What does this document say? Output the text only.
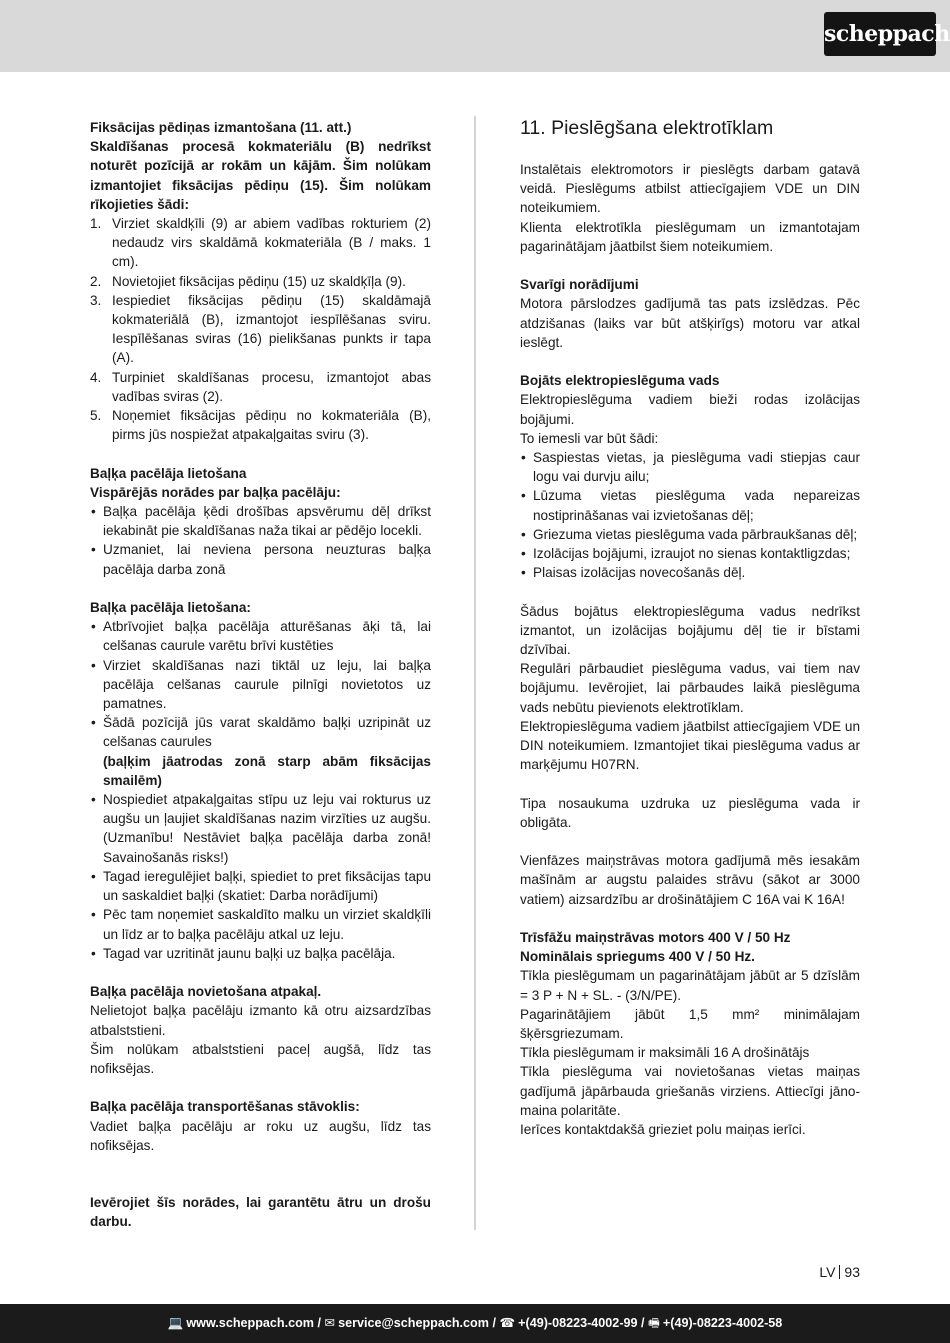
scheppach

Fiksācijas pēdiņas izmantošana (11. att.)

Skaldīšanas procesā kokmateriālu (B) nedrīkst noturēt pozīcijā ar rokām un kājām. Šim nolūkam izmantojiet fiksācijas pēdiņu (15). Šim nolūkam rīkojieties šādi:

1. Virziet skaldķīli (9) ar abiem vadības rokturiem (2) nedaudz virs skaldāmā kokmateriāla (B / maks. 1 cm).
2. Novietojiet fiksācijas pēdiņu (15) uz skaldķīļa (9).
3. Iespiediet fiksācijas pēdiņu (15) skaldāmajā kokmateriālā (B), izmantojot iespīlēšanas sviru. Iespīlēšanas sviras (16) pielikšanas punkts ir tapa (A).
4. Turpiniet skaldīšanas procesu, izmantojot abas vadības sviras (2).
5. Noņemiet fiksācijas pēdiņu no kokmateriāla (B), pirms jūs nospiežat atpakaļgaitas sviru (3).

Baļķa pacēlāja lietošana

Vispārējās norādes par baļķa pacēlāju:

• Baļķa pacēlāja ķēdi drošības apsvērumu dēļ drīkst iekabināt pie skaldīšanas naža tikai ar pēdējo locekli.
• Uzmaniet, lai neviena persona neuzturas baļķa pacēlāja darba zonā

Baļķa pacēlāja lietošana:

• Atbrīvojiet baļķa pacēlāja atturēšanas āķi tā, lai celšanas caurule varētu brīvi kustēties
• Virziet skaldīšanas nazi tiktāl uz leju, lai baļķa pacēlāja celšanas caurule pilnīgi novietotos uz pamatnes.
• Šādā pozīcijā jūs varat skaldāmo baļķi uzripināt uz celšanas caurules
(baļķim jāatrodas zonā starp abām fiksācijas smailēm)
• Nospiediet atpakaļgaitas stīpu uz leju vai rokturus uz augšu un ļaujiet skaldīšanas nazim virzīties uz augšu. (Uzmanību! Nestāviet baļķa pacēlāja darba zonā! Savainošanās risks!)
• Tagad ieregulējiet baļķi, spiediet to pret fiksācijas tapu un saskaldiet baļķi (skatiet: Darba norādījumi)
• Pēc tam noņemiet saskaldīto malku un virziet skaldķīli un līdz ar to baļķa pacēlāju atkal uz leju.
• Tagad var uzritināt jaunu baļķi uz baļķa pacēlāja.

Baļķa pacēlāja novietošana atpakaļ.

Nelietojot baļķa pacēlāju izmanto kā otru aizsardzības atbalststieni.

Šim nolūkam atbalststieni paceļ augšā, līdz tas nofiksējas.

Baļķa pacēlāja transportēšanas stāvoklis:

Vadiet baļķa pacēlāju ar roku uz augšu, līdz tas nofiksējas.

Ievērojiet šīs norādes, lai garantētu ātru un drošu darbu.

11. Pieslēgšana elektrotīklam

Instalētais elektromotors ir pieslēgts darbam gatavā veidā. Pieslēgums atbilst attiecīgajiem VDE un DIN noteikumiem.

Klienta elektrotīkla pieslēgumam un izmantotajam pagarinātājam jāatbilst šiem noteikumiem.

Svarīgi norādījumi

Motora pārslodzes gadījumā tas pats izslēdzas. Pēc atdzišanas (laiks var būt atšķirīgs) motoru var atkal ieslēgt.

Bojāts elektropieslēguma vads

Elektropieslēguma vadiem bieži rodas izolācijas bojājumi.

To iemesli var būt šādi:

• Saspiestas vietas, ja pieslēguma vadi stiepjas caur logu vai durvju ailu;
• Lūzuma vietas pieslēguma vada nepareizas nostiprināšanas vai izvietošanas dēļ;
• Griezuma vietas pieslēguma vada pārbraukšanas dēļ;
• Izolācijas bojājumi, izraujot no sienas kontaktligzdas;
• Plaisas izolācijas novecošanās dēļ.

Šādus bojātus elektropieslēguma vadus nedrīkst izmantot, un izolācijas bojājumu dēļ tie ir bīstami dzīvībai.

Regulāri pārbaudiet pieslēguma vadus, vai tiem nav bojājumu. Ievērojiet, lai pārbaudes laikā pieslēguma vads nebūtu pievienots elektrotīklam.

Elektropieslēguma vadiem jāatbilst attiecīgajiem VDE un DIN noteikumiem. Izmantojiet tikai pieslēguma vadus ar marķējumu H07RN.

Tipa nosaukuma uzdruka uz pieslēguma vada ir obligāta.

Vienfāzes maiņstrāvas motora gadījumā mēs iesakām mašīnām ar augstu palaides strāvu (sākot ar 3000 vatiem) aizsardzību ar drošinātājiem C 16A vai K 16A!

Trīsfāžu maiņstrāvas motors 400 V / 50 Hz

Nominālais spriegums 400 V / 50 Hz.

Tīkla pieslēgumam un pagarinātājam jābūt ar 5 dzīslām = 3 P + N + SL. - (3/N/PE).

Pagarinātājiem jābūt 1,5 mm² minimālajam šķērsgriezumam.

Tīkla pieslēgumam ir maksimāli 16 A drošinātājs

Tīkla pieslēguma vai novietošanas vietas maiņas gadījumā jāpārbauda griešanās virziens. Attiecīgi jānomaina polaritāte.

Ierīces kontaktdakšā grieziet polu maiņas ierīci.

LV 93
💻 www.scheppach.com / ✉ service@scheppach.com / ☎ +(49)-08223-4002-99 / 🖷 +(49)-08223-4002-58
